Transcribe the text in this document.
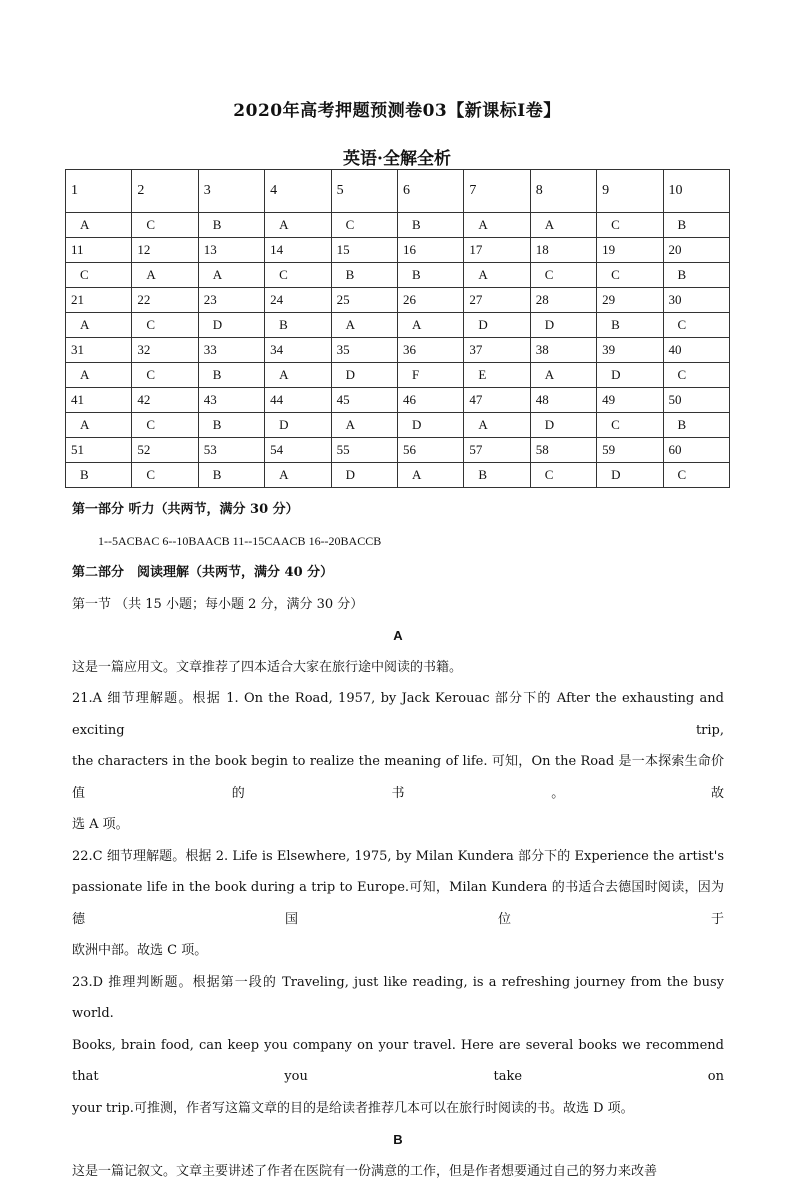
2020年高考押题预测卷03【新课标Ⅰ卷】
英语·全解全析
1	2	3	4	5	6	7	8	9	10
A	C	B	A	C	B	A	A	C	B
11	12	13	14	15	16	17	18	19	20
C	A	A	C	B	B	A	C	C	B
21	22	23	24	25	26	27	28	29	30
A	C	D	B	A	A	D	D	B	C
31	32	33	34	35	36	37	38	39	40
A	C	B	A	D	F	E	A	D	C
41	42	43	44	45	46	47	48	49	50
A	C	B	D	A	D	A	D	C	B
51	52	53	54	55	56	57	58	59	60
B	C	B	A	D	A	B	C	D	C
第一部分 听力（共两节，满分 30 分）
1--5ACBAC 6--10BAACB 11--15CAACB 16--20BACCB
第二部分　阅读理解（共两节，满分 40 分）
第一节 （共 15 小题；每小题 2 分，满分 30 分）
A
这是一篇应用文。文章推荐了四本适合大家在旅行途中阅读的书籍。
21.A 细节理解题。根据 1. On the Road, 1957, by Jack Kerouac 部分下的 After the exhausting and exciting trip,
the characters in the book begin to realize the meaning of life. 可知，On the Road 是一本探索生命价值的书。故
选 A 项。
22.C 细节理解题。根据 2. Life is Elsewhere, 1975, by Milan Kundera 部分下的 Experience the artist's
passionate life in the book during a trip to Europe.可知，Milan Kundera 的书适合去德国时阅读，因为德国位于
欧洲中部。故选 C 项。
23.D 推理判断题。根据第一段的 Traveling, just like reading, is a refreshing journey from the busy world.
Books, brain food, can keep you company on your travel. Here are several books we recommend that you take on
your trip.可推测，作者写这篇文章的目的是给读者推荐几本可以在旅行时阅读的书。故选 D 项。
B
这是一篇记叙文。文章主要讲述了作者在医院有一份满意的工作，但是作者想要通过自己的努力来改善
